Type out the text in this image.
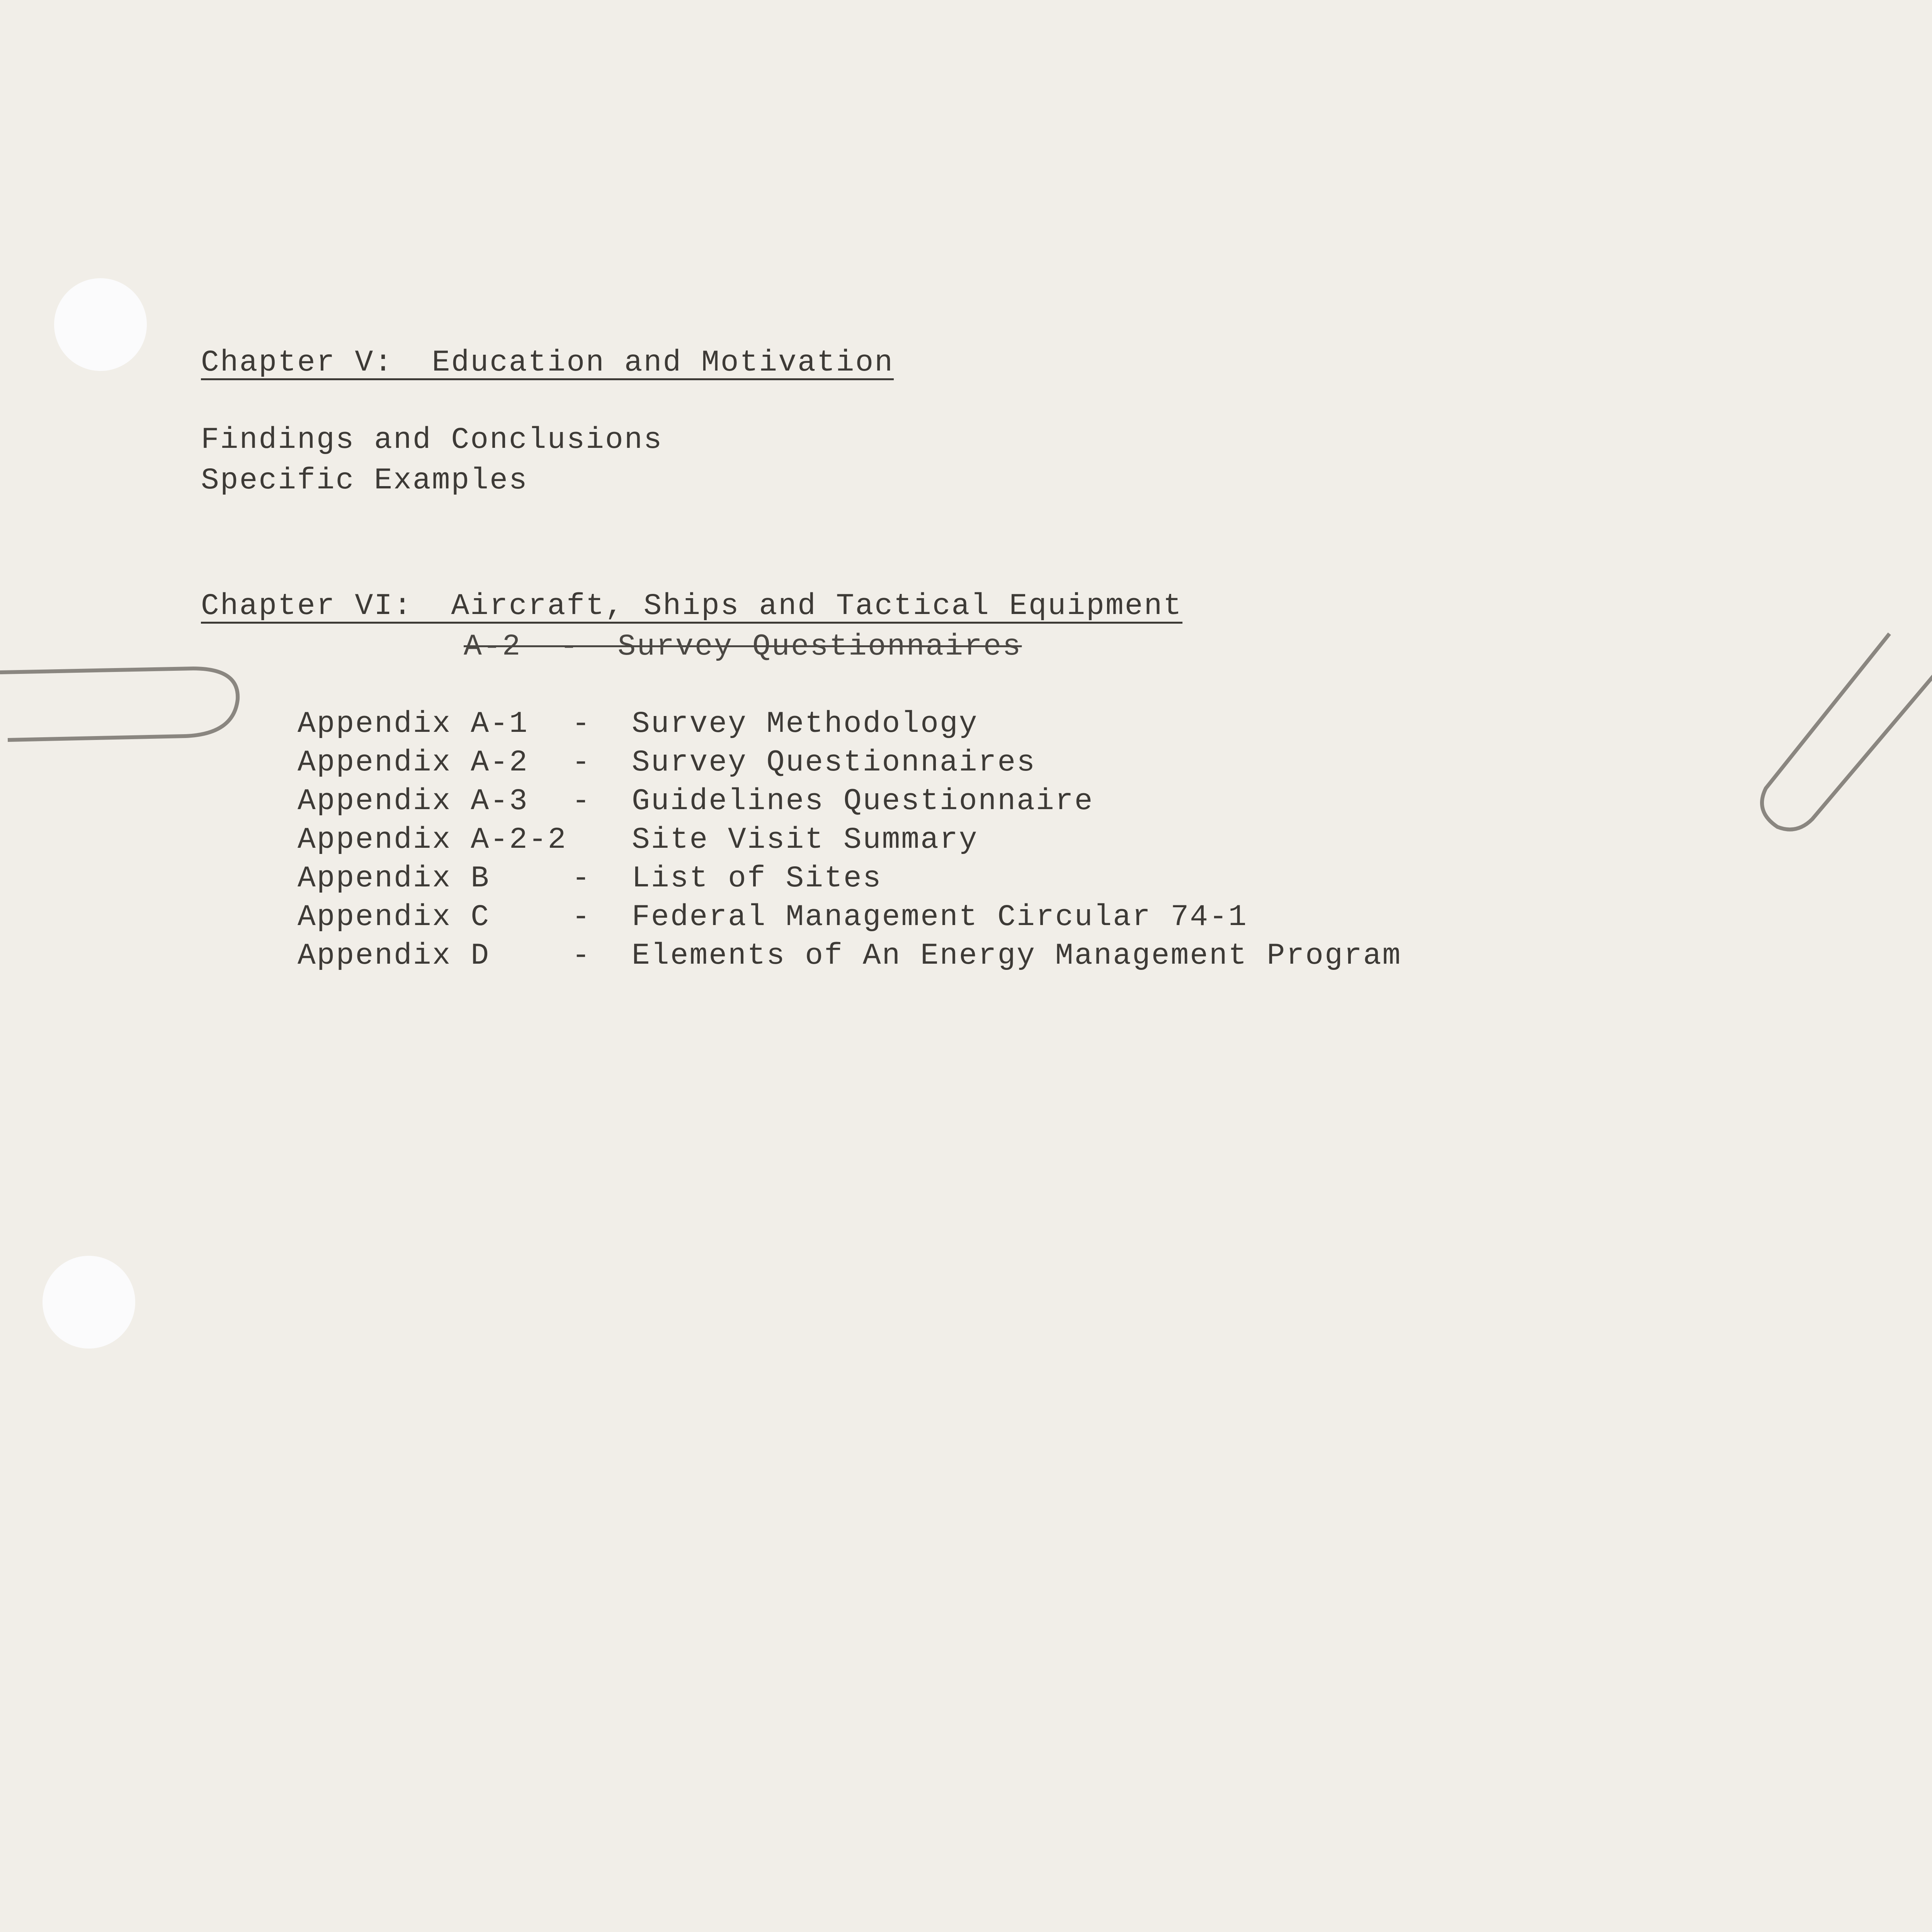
Chapter V:  Education and Motivation
Findings and Conclusions
Specific Examples
Chapter VI:  Aircraft, Ships and Tactical Equipment
A-2  -  Survey Questionnaires
Appendix A-1 - Survey Methodology
Appendix A-2 - Survey Questionnaires
Appendix A-3 - Guidelines Questionnaire
Appendix A-2-2 Site Visit Summary
Appendix B	- List of Sites
Appendix C	- Federal Management Circular 74-1
Appendix D	- Elements of An Energy Management Program
